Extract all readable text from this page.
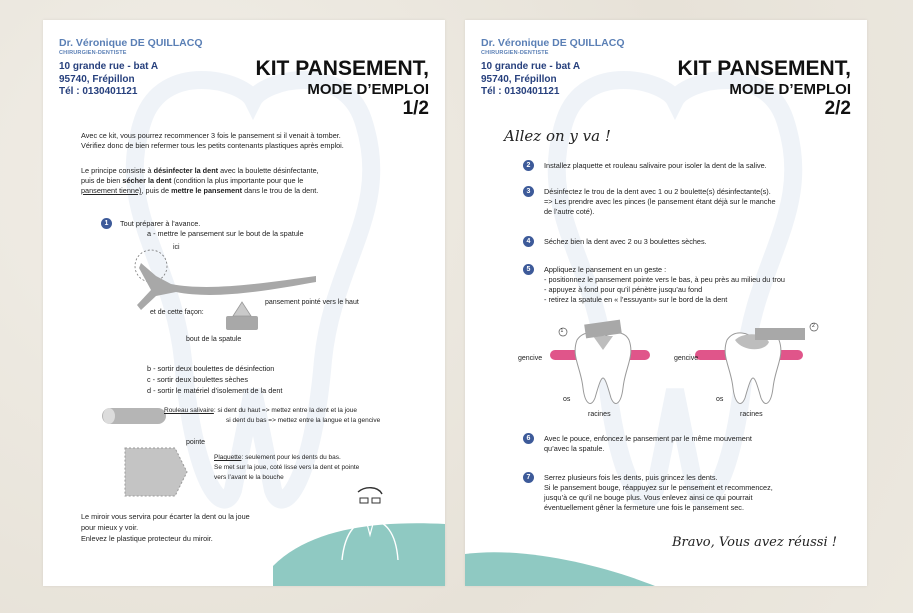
Dr. Véronique DE QUILLACQ
CHIRURGIEN-DENTISTE
10 grande rue - bat A
95740, Frépillon
Tél : 0130401121
KIT PANSEMENT,
MODE D’EMPLOI
1/2
Avec ce kit, vous pourrez recommencer 3 fois le pansement si il venait à tomber.
Vérifiez donc de bien refermer tous les petits contenants plastiques après emploi.
Le principe consiste à désinfecter la dent avec la boulette désinfectante,
puis de bien sécher la dent (condition la plus importante pour que le
pansement tienne), puis de mettre le pansement dans le trou de la dent.
1	Tout préparer à l’avance.
a - mettre le pansement sur le bout de la spatule
ici
et de cette façon:
pansement pointé vers le haut
bout de la spatule
b - sortir deux boulettes de désinfection
c - sortir deux boulettes sèches
d - sortir le matériel d’isolement de la dent
Rouleau salivaire: si dent du haut => mettez entre la dent et la joue
si dent du bas => mettez entre la langue et la gencive
pointe
Plaquette: seulement pour les dents du bas.
Se met sur la joue, coté lisse vers la dent et pointe
vers l’avant le la bouche
Le miroir vous servira pour écarter la dent ou la joue
pour mieux y voir.
Enlevez le plastique protecteur du miroir.
Dr. Véronique DE QUILLACQ
CHIRURGIEN-DENTISTE
10 grande rue - bat A
95740, Frépillon
Tél : 0130401121
KIT PANSEMENT,
MODE D’EMPLOI
2/2
Allez on y va !
2	Installez plaquette et rouleau salivaire pour isoler la dent de la salive.
3	Désinfectez le trou de la dent avec 1 ou 2 boulette(s) désinfectante(s).
=> Les prendre avec les pinces (le pansement étant déjà sur le manche
de l’autre coté).
4	Séchez bien la dent avec 2 ou 3 boulettes sèches.
5	Appliquez le pansement en un geste :
- positionnez le pansement pointe vers le bas, à peu près au milieu du trou
- appuyez à fond pour qu’il pénètre jusqu’au fond
- retirez la spatule en « l’essuyant» sur le bord de la dent
gencive
os
racines
1
gencive
os
racines
2
6	Avec le pouce, enfoncez le pansement par le même mouvement
qu’avec la spatule.
7	Serrez plusieurs fois les dents, puis grincez les dents.
Si le pansement bouge, réappuyez sur le pensement et recommencez,
jusqu’à ce qu’il ne bouge plus. Vous enlevez ainsi ce qui pourrait
éventuellement gêner la fermeture une fois le pansement sec.
Bravo, Vous avez réussi !
